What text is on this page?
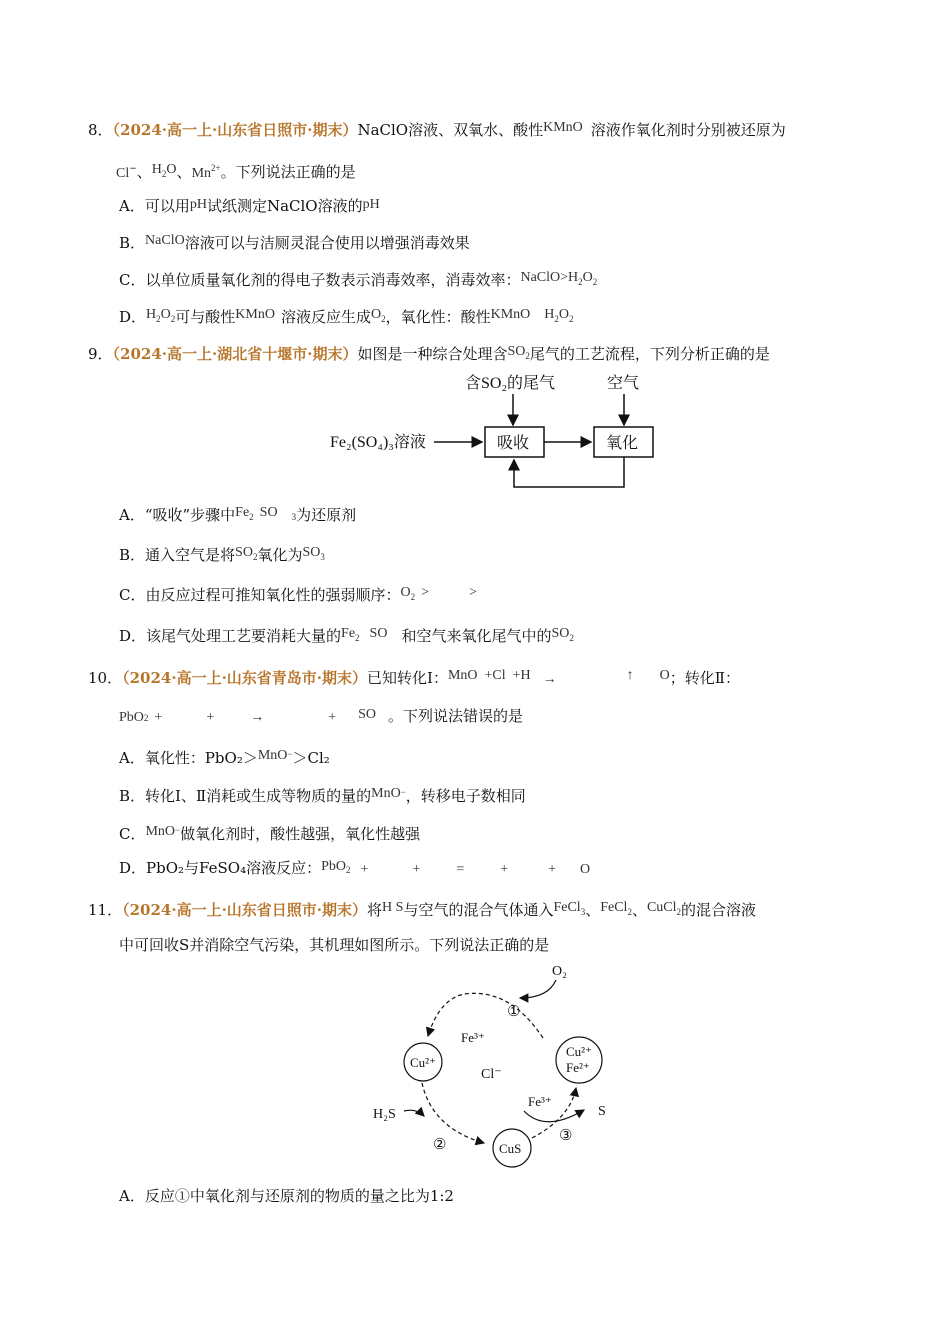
8．（2024·高一上·山东省日照市·期末）NaClO溶液、双氧水、酸性KMnO 溶液作氧化剂时分别被还原为
Cl−、H2O、$Mn^{2+}$。下列说法正确的是
A．可以用pH试纸测定NaClO溶液的pH
B．NaClO溶液可以与洁厕灵混合使用以增强消毒效果
C．以单位质量氧化剂的得电子数表示消毒效率，消毒效率：NaClO>H2O2
D．H2O2可与酸性KMnO 溶液反应生成O2，氧化性：酸性KMnO H2O2
9．（2024·高一上·湖北省十堰市·期末）如图是一种综合处理含SO2尾气的工艺流程，下列分析正确的是
含SO₂的尾气	空气
Fe₂(SO₄)₃溶液	吸收	氧化
A．“吸收”步骤中Fe2 SO 3为还原剂
B．通入空气是将SO2氧化为SO3
C．由反应过程可推知氧化性的强弱顺序：O2 >	>
D．该尾气处理工艺要消耗大量的Fe2 SO 和空气来氧化尾气中的SO2
10．（2024·高一上·山东省青岛市·期末）已知转化Ⅰ：MnO  +Cl  +H →	↑ O；转化Ⅱ：
PbO2 +	+	→	+ SO 。下列说法错误的是
A．氧化性：PbO₂＞MnO−＞Cl₂
B．转化Ⅰ、Ⅱ消耗或生成等物质的量的MnO−，转移电子数相同
C．MnO−做氧化剂时，酸性越强，氧化性越强
D．PbO₂与FeSO₄溶液反应：PbO2 +	+	=	+	+ O
11．（2024·高一上·山东省日照市·期末）将H S与空气的混合气体通入FeCl3、FeCl2、CuCl2的混合溶液
中可回收S并消除空气污染，其机理如图所示。下列说法正确的是
O₂
①
Fe³⁺
Cu²⁺
Cl⁻
Cu²⁺
Fe²⁺
H₂S
②
Fe³⁺
S
③
CuS
A．反应①中氧化剂与还原剂的物质的量之比为1:2
